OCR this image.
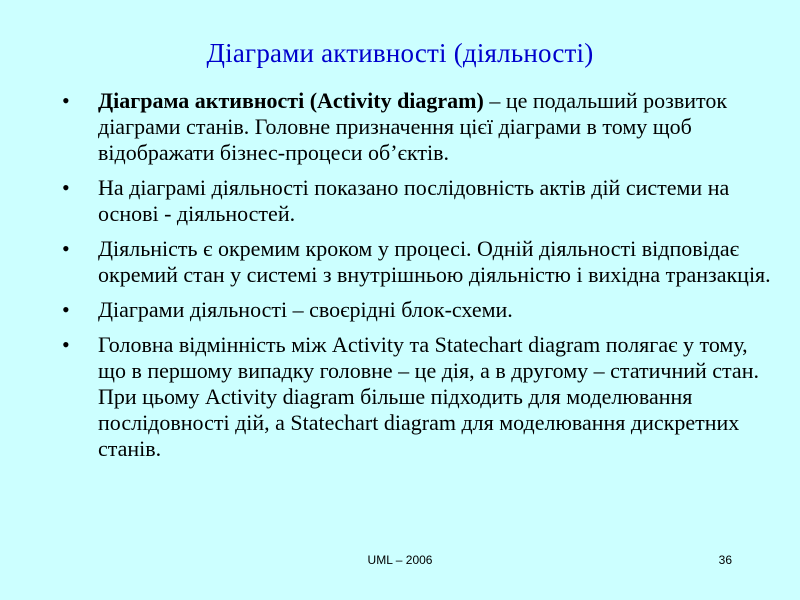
Діаграми активності (діяльності)
•	Діаграма активності (Activity diagram) – це подальший розвиток діаграми станів. Головне призначення цієї діаграми в тому щоб відображати бізнес-процеси об’єктів.
•	На діаграмі діяльності показано послідовність актів дій системи на основі - діяльностей.
•	Діяльність є окремим кроком у процесі. Одній діяльності відповідає окремий стан у системі з внутрішньою діяльністю і вихідна транзакція.
•	Діаграми діяльності – своєрідні блок-схеми.
•	Головна відмінність між Activity та Statechart diagram полягає у тому, що в першому випадку головне – це дія, а в другому – статичний стан. При цьому Activity diagram більше підходить для моделювання послідовності дій, а Statechart diagram для моделювання дискретних станів.
UML – 2006	36
